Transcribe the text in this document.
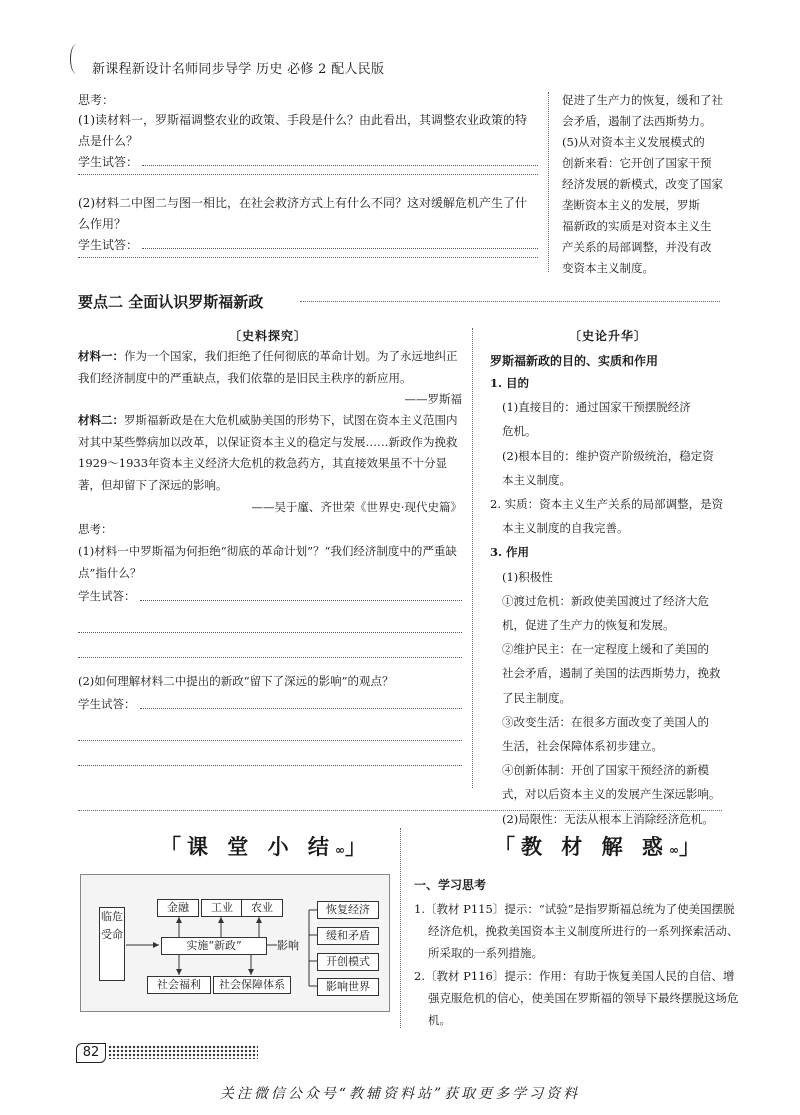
新课程新设计名师同步导学 历史 必修 2 配人民版
思考：
(1)读材料一，罗斯福调整农业的政策、手段是什么？由此看出，其调整农业政策的特点是什么？
学生试答：
(2)材料二中图二与图一相比，在社会救济方式上有什么不同？这对缓解危机产生了什么作用？
学生试答：
促进了生产力的恢复，缓和了社
会矛盾，遏制了法西斯势力。
(5)从对资本主义发展模式的
创新来看：它开创了国家干预
经济发展的新模式，改变了国家
垄断资本主义的发展，罗斯
福新政的实质是对资本主义生
产关系的局部调整，并没有改
变资本主义制度。
要点二 全面认识罗斯福新政
〔史料探究〕
材料一：作为一个国家，我们拒绝了任何彻底的革命计划。为了永远地纠正我们经济制度中的严重缺点，我们依靠的是旧民主秩序的新应用。
——罗斯福
材料二：罗斯福新政是在大危机威胁美国的形势下，试图在资本主义范围内对其中某些弊病加以改革，以保证资本主义的稳定与发展……新政作为挽救1929～1933年资本主义经济大危机的救急药方，其直接效果虽不十分显著，但却留下了深远的影响。
——吴于廑、齐世荣《世界史·现代史篇》
思考：
(1)材料一中罗斯福为何拒绝“彻底的革命计划”？“我们经济制度中的严重缺点”指什么？
学生试答：
(2)如何理解材料二中提出的新政“留下了深远的影响”的观点？
学生试答：
〔史论升华〕
罗斯福新政的目的、实质和作用
1. 目的
(1)直接目的：通过国家干预摆脱经济
危机。
(2)根本目的：维护资产阶级统治，稳定资
本主义制度。
2. 实质：资本主义生产关系的局部调整，是资
本主义制度的自我完善。
3. 作用
(1)积极性
①渡过危机：新政使美国渡过了经济大危
机，促进了生产力的恢复和发展。
②维护民主：在一定程度上缓和了美国的
社会矛盾，遏制了美国的法西斯势力，挽救
了民主制度。
③改变生活：在很多方面改变了美国人的
生活，社会保障体系初步建立。
④创新体制：开创了国家干预经济的新模
式，对以后资本主义的发展产生深远影响。
(2)局限性：无法从根本上消除经济危机。
「课 堂 小 结∞」
临危受命
实施“新政”
金融	工业	农业
社会福利	社会保障体系
影响
恢复经济
缓和矛盾
开创模式
影响世界
「教 材 解 惑∞」
一、学习思考
1.〔教材 P115〕提示：“试验”是指罗斯福总统为了使美国摆脱经济危机，挽救美国资本主义制度所进行的一系列探索活动、所采取的一系列措施。
2.〔教材 P116〕提示：作用：有助于恢复美国人民的自信、增强克服危机的信心，使美国在罗斯福的领导下最终摆脱这场危机。
82
关注微信公众号“教辅资料站”获取更多学习资料
